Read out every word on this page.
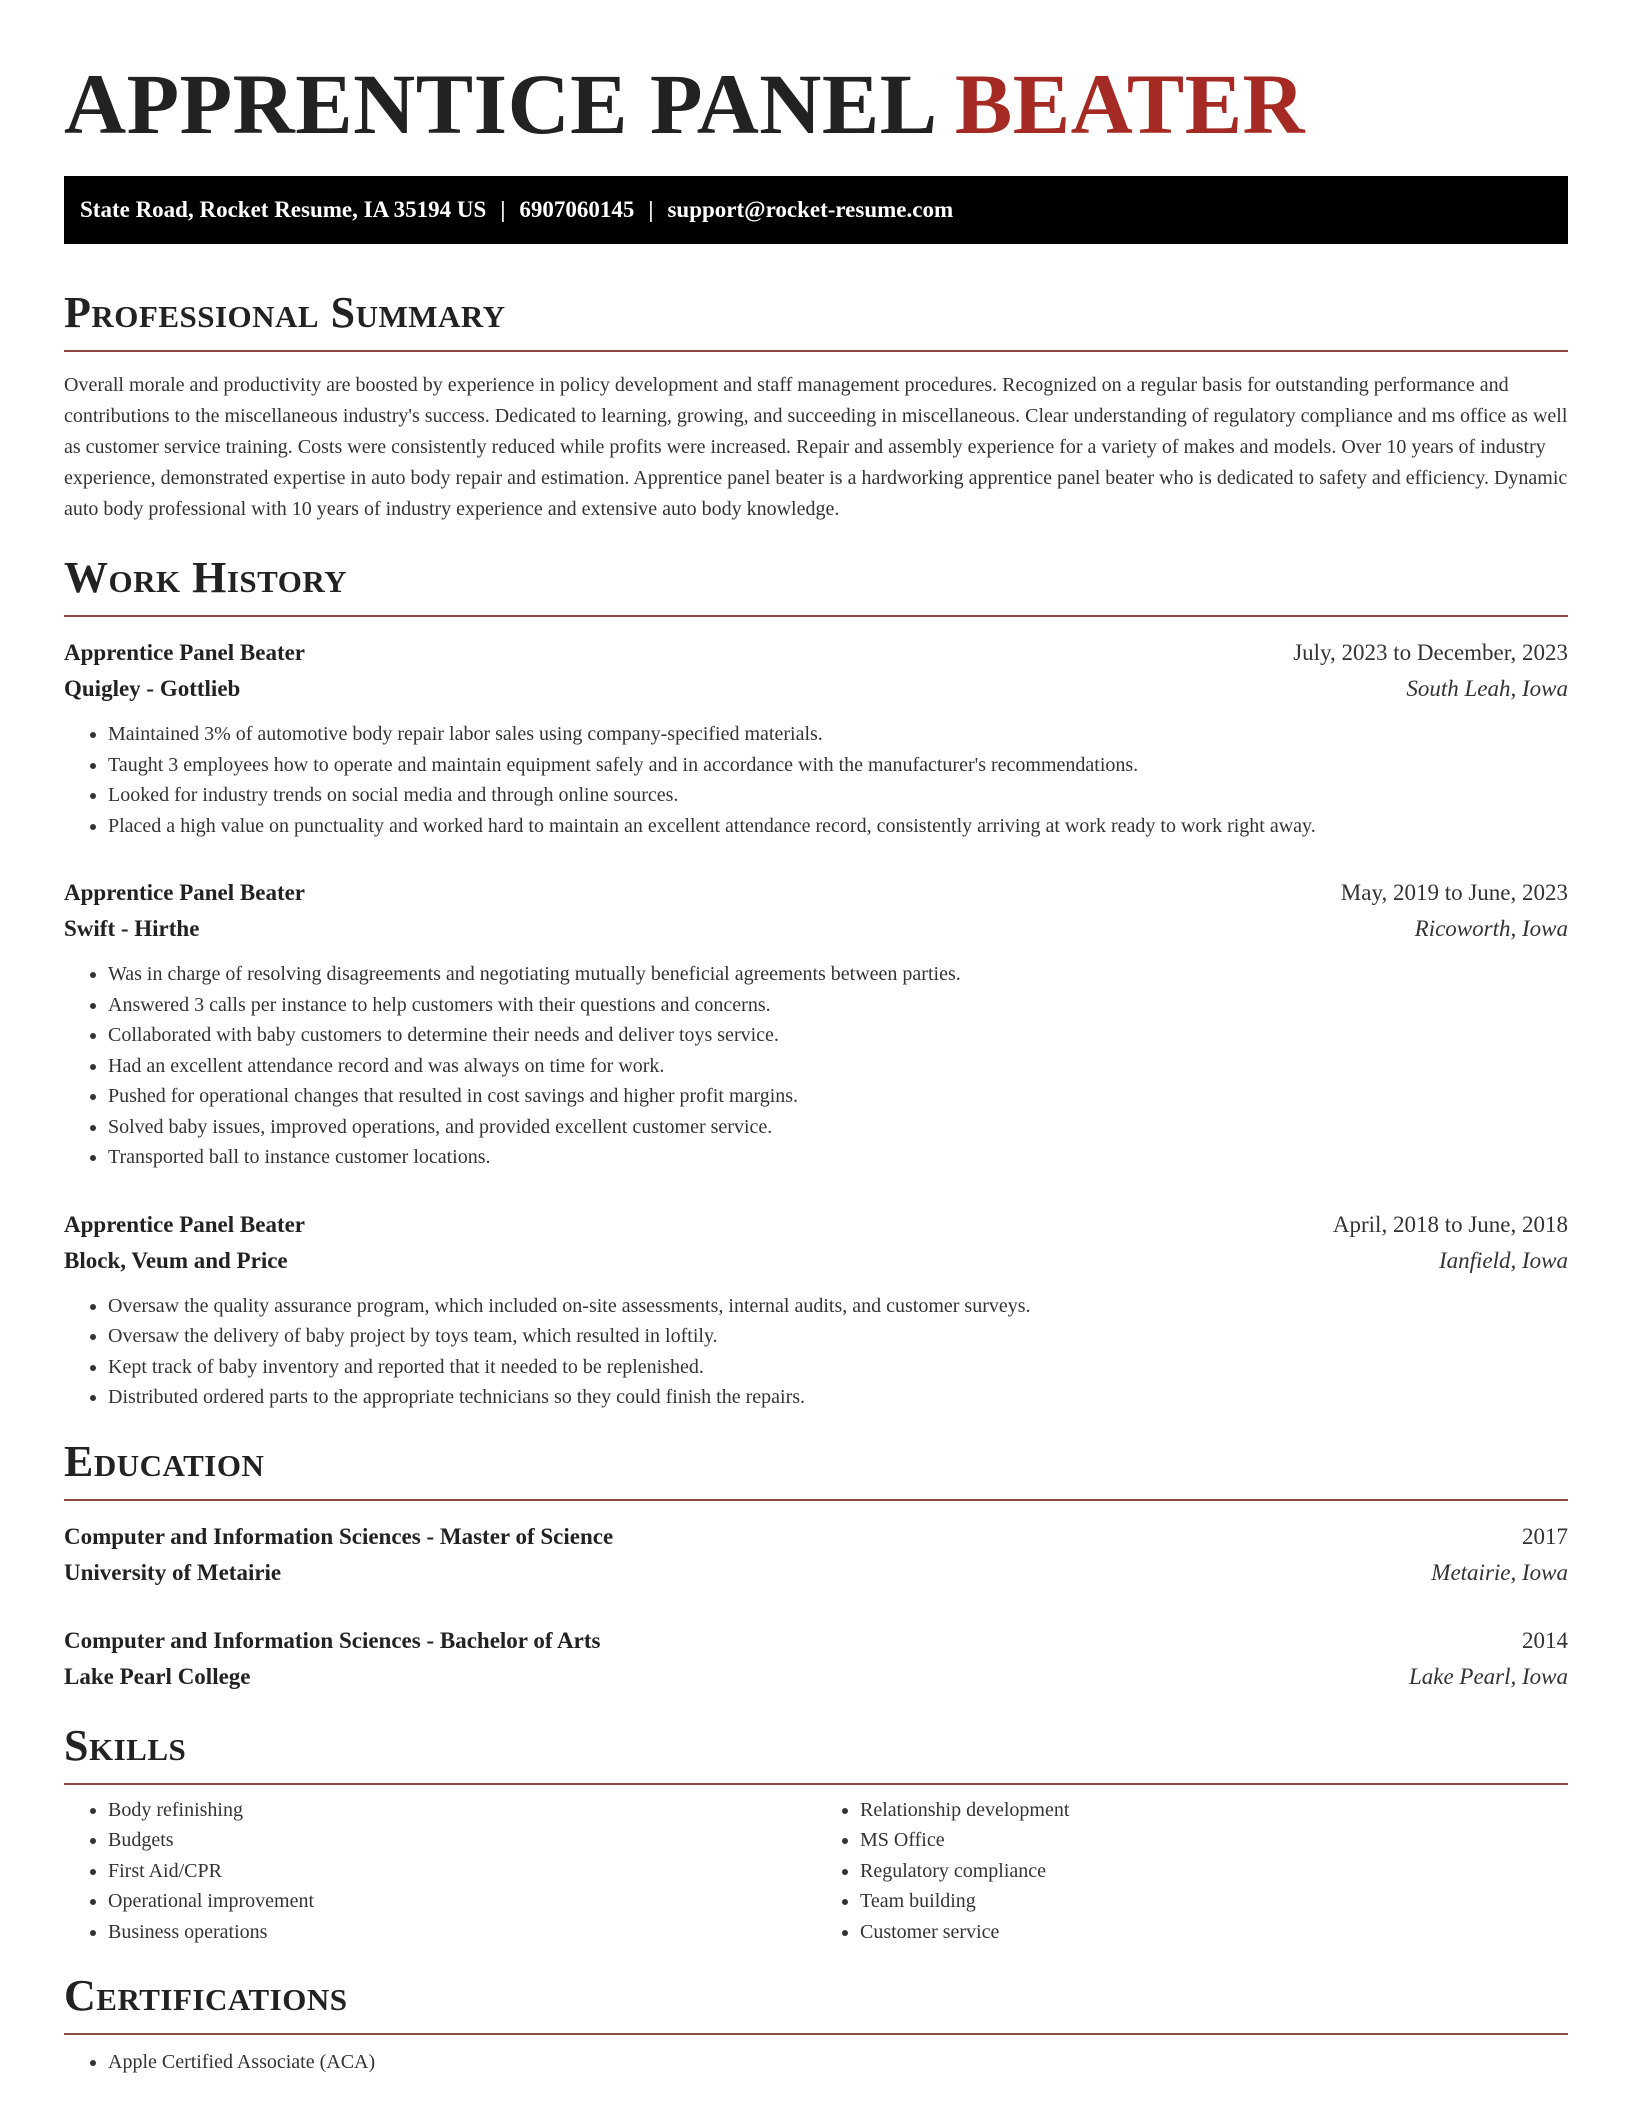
APPRENTICE PANEL BEATER
State Road, Rocket Resume, IA 35194 US | 6907060145 | support@rocket-resume.com
Professional Summary

Overall morale and productivity are boosted by experience in policy development and staff management procedures. Recognized on a regular basis for outstanding performance and contributions to the miscellaneous industry's success. Dedicated to learning, growing, and succeeding in miscellaneous. Clear understanding of regulatory compliance and ms office as well as customer service training. Costs were consistently reduced while profits were increased. Repair and assembly experience for a variety of makes and models. Over 10 years of industry experience, demonstrated expertise in auto body repair and estimation. Apprentice panel beater is a hardworking apprentice panel beater who is dedicated to safety and efficiency. Dynamic auto body professional with 10 years of industry experience and extensive auto body knowledge.

Work History
Apprentice Panel Beater	July, 2023 to December, 2023
Quigley - Gottlieb	South Leah, Iowa
• Maintained 3% of automotive body repair labor sales using company-specified materials.
• Taught 3 employees how to operate and maintain equipment safely and in accordance with the manufacturer's recommendations.
• Looked for industry trends on social media and through online sources.
• Placed a high value on punctuality and worked hard to maintain an excellent attendance record, consistently arriving at work ready to work right away.
Apprentice Panel Beater	May, 2019 to June, 2023
Swift - Hirthe	Ricoworth, Iowa
• Was in charge of resolving disagreements and negotiating mutually beneficial agreements between parties.
• Answered 3 calls per instance to help customers with their questions and concerns.
• Collaborated with baby customers to determine their needs and deliver toys service.
• Had an excellent attendance record and was always on time for work.
• Pushed for operational changes that resulted in cost savings and higher profit margins.
• Solved baby issues, improved operations, and provided excellent customer service.
• Transported ball to instance customer locations.
Apprentice Panel Beater	April, 2018 to June, 2018
Block, Veum and Price	Ianfield, Iowa
• Oversaw the quality assurance program, which included on-site assessments, internal audits, and customer surveys.
• Oversaw the delivery of baby project by toys team, which resulted in loftily.
• Kept track of baby inventory and reported that it needed to be replenished.
• Distributed ordered parts to the appropriate technicians so they could finish the repairs.
Education
Computer and Information Sciences - Master of Science	2017
University of Metairie	Metairie, Iowa
Computer and Information Sciences - Bachelor of Arts	2014
Lake Pearl College	Lake Pearl, Iowa
Skills
• Body refinishing
• Budgets
• First Aid/CPR
• Operational improvement
• Business operations
• Relationship development
• MS Office
• Regulatory compliance
• Team building
• Customer service
Certifications
• Apple Certified Associate (ACA)
